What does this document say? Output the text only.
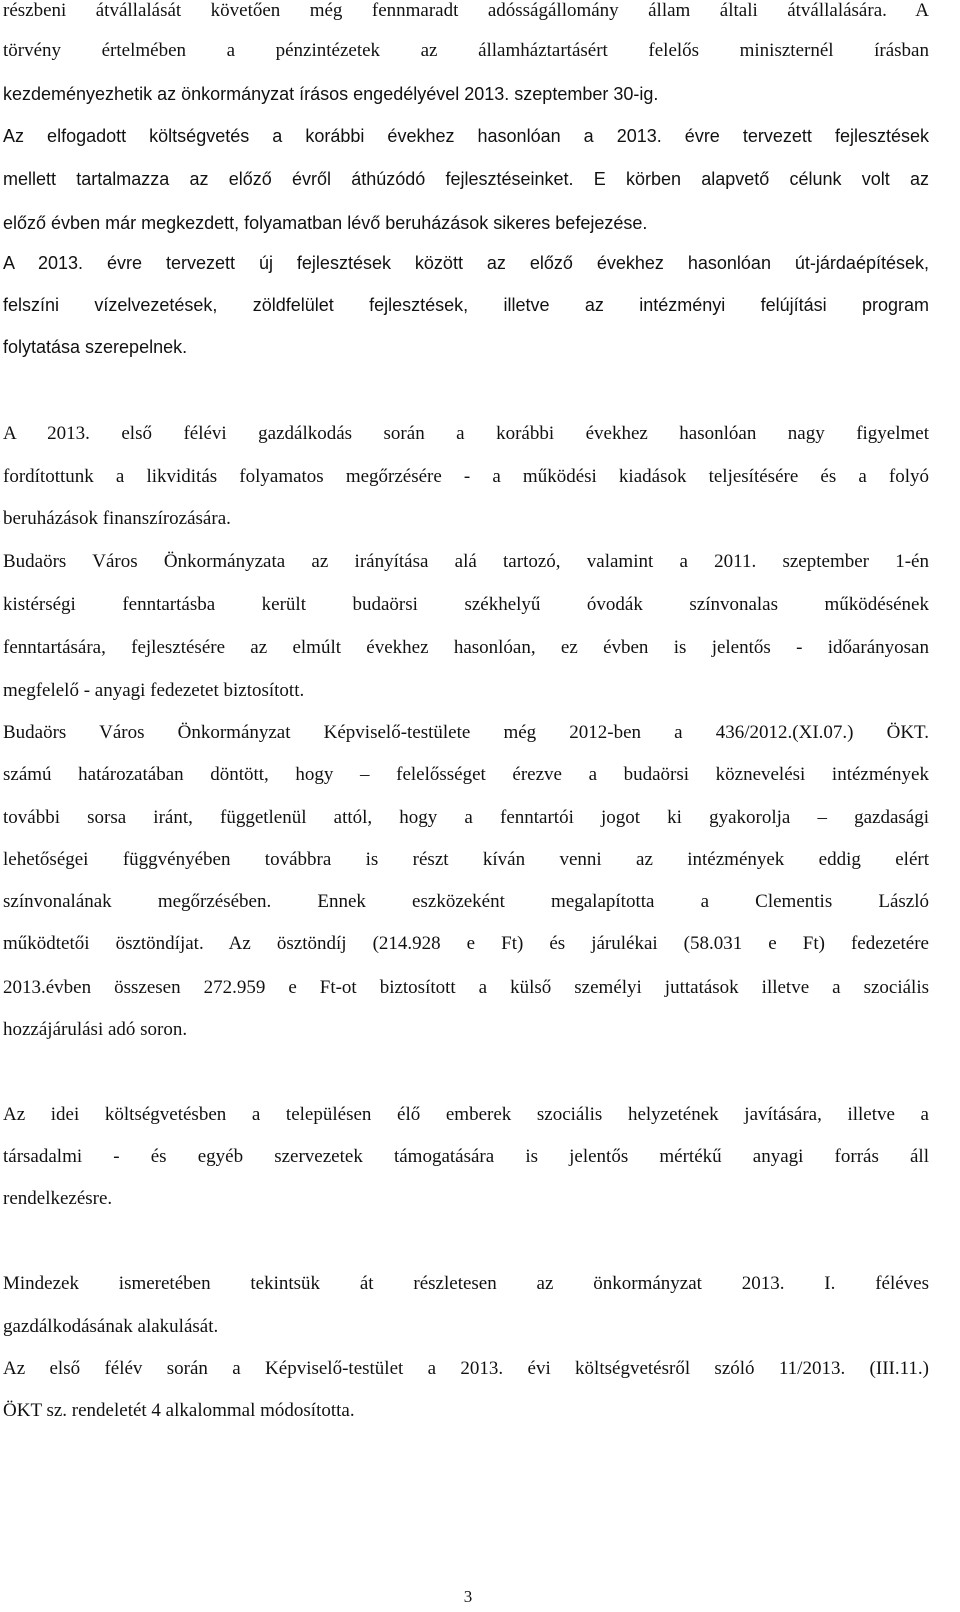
részbeni átvállalását követően még fennmaradt adósságállomány állam általi átvállalására. A

törvény értelmében a pénzintézetek az államháztartásért felelős miniszternél írásban

kezdeményezhetik az önkormányzat írásos engedélyével 2013. szeptember 30-ig.

Az elfogadott költségvetés a korábbi évekhez hasonlóan a 2013. évre tervezett fejlesztések

mellett tartalmazza az előző évről áthúzódó fejlesztéseinket. E körben alapvető célunk volt az

előző évben már megkezdett, folyamatban lévő beruházások sikeres befejezése.

A 2013. évre tervezett új fejlesztések között az előző évekhez hasonlóan út-járdaépítések,

felszíni vízelvezetések, zöldfelület fejlesztések, illetve az intézményi felújítási program

folytatása szerepelnek.

A 2013. első félévi gazdálkodás során a korábbi évekhez hasonlóan nagy figyelmet

fordítottunk a likviditás folyamatos megőrzésére - a működési kiadások teljesítésére és a folyó

beruházások finanszírozására.

Budaörs Város Önkormányzata az irányítása alá tartozó, valamint a 2011. szeptember 1-én

kistérségi fenntartásba került budaörsi székhelyű óvodák színvonalas működésének

fenntartására, fejlesztésére az elmúlt évekhez hasonlóan, ez évben is jelentős - időarányosan

megfelelő - anyagi fedezetet biztosított.

Budaörs Város Önkormányzat Képviselő-testülete még 2012-ben a 436/2012.(XI.07.) ÖKT.

számú határozatában döntött, hogy – felelősséget érezve a budaörsi köznevelési intézmények

további sorsa iránt, függetlenül attól, hogy a fenntartói jogot ki gyakorolja – gazdasági

lehetőségei függvényében továbbra is részt kíván venni az intézmények eddig elért

színvonalának megőrzésében. Ennek eszközeként megalapította a Clementis László

működtetői ösztöndíjat. Az ösztöndíj (214.928 e Ft) és járulékai (58.031 e Ft) fedezetére

2013.évben összesen 272.959 e Ft-ot biztosított a külső személyi juttatások illetve a szociális

hozzájárulási adó soron.

Az idei költségvetésben a településen élő emberek szociális helyzetének javítására, illetve a

társadalmi - és egyéb szervezetek támogatására is jelentős mértékű anyagi forrás áll

rendelkezésre.

Mindezek ismeretében tekintsük át részletesen az önkormányzat 2013. I. féléves

gazdálkodásának alakulását.

Az első félév során a Képviselő-testület a 2013. évi költségvetésről szóló 11/2013. (III.11.)

ÖKT sz. rendeletét 4 alkalommal módosította.

3
